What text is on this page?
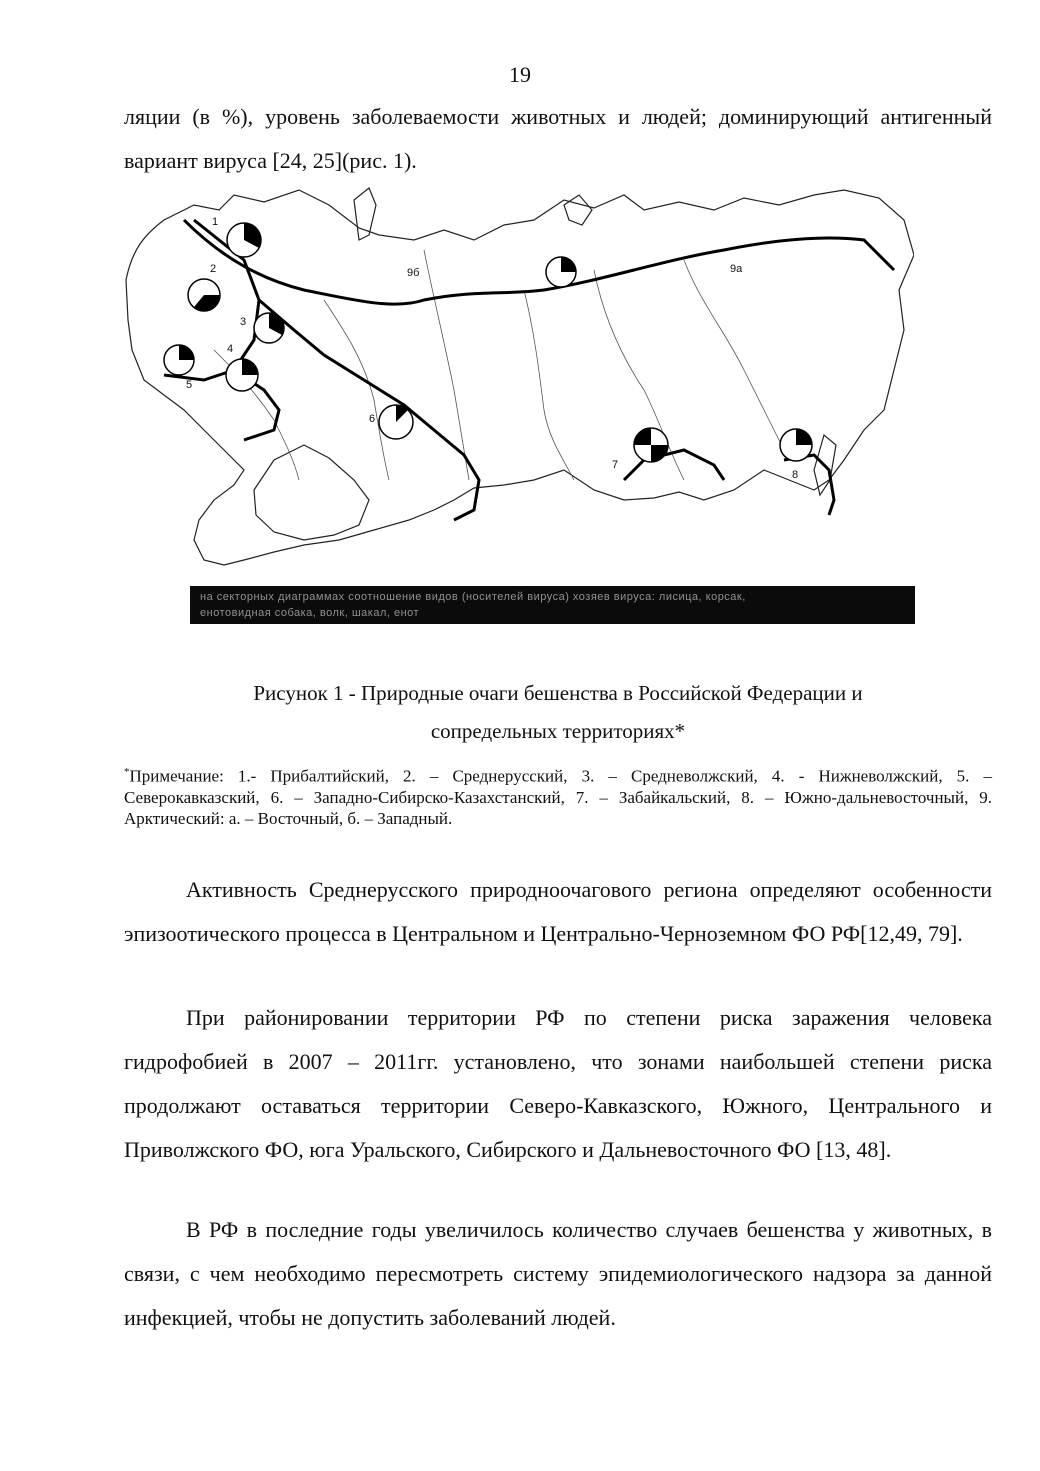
19
ляции (в %), уровень заболеваемости животных и людей; доминирующий антигенный вариант вируса [24, 25](рис. 1).
1
2
3
4
5
6
7
8
9а
9б
на секторных диаграммах соотношение видов (носителей вируса) хозяев вируса: лисица, корсак,
енотовидная собака, волк, шакал, енот
Рисунок 1 - Природные очаги бешенства в Российской Федерации и
сопредельных территориях*
*Примечание: 1.- Прибалтийский, 2. – Среднерусский, 3. – Средневолжский, 4. - Нижневолжский, 5. – Северокавказский, 6. – Западно-Сибирско-Казахстанский, 7. – Забайкальский, 8. – Южно-дальневосточный, 9. Арктический: а. – Восточный, б. – Западный.
Активность Среднерусского природноочагового региона определяют особенности эпизоотического процесса в Центральном и Центрально-Черноземном ФО РФ[12,49, 79].
При районировании территории РФ по степени риска заражения человека гидрофобией в 2007 – 2011гг. установлено, что зонами наибольшей степени риска продолжают оставаться территории Северо-Кавказского, Южного, Центрального и Приволжского ФО, юга Уральского, Сибирского и Дальневосточного ФО [13, 48].
В РФ в последние годы увеличилось количество случаев бешенства у животных, в связи, с чем необходимо пересмотреть систему эпидемиологического надзора за данной инфекцией, чтобы не допустить заболеваний людей.
